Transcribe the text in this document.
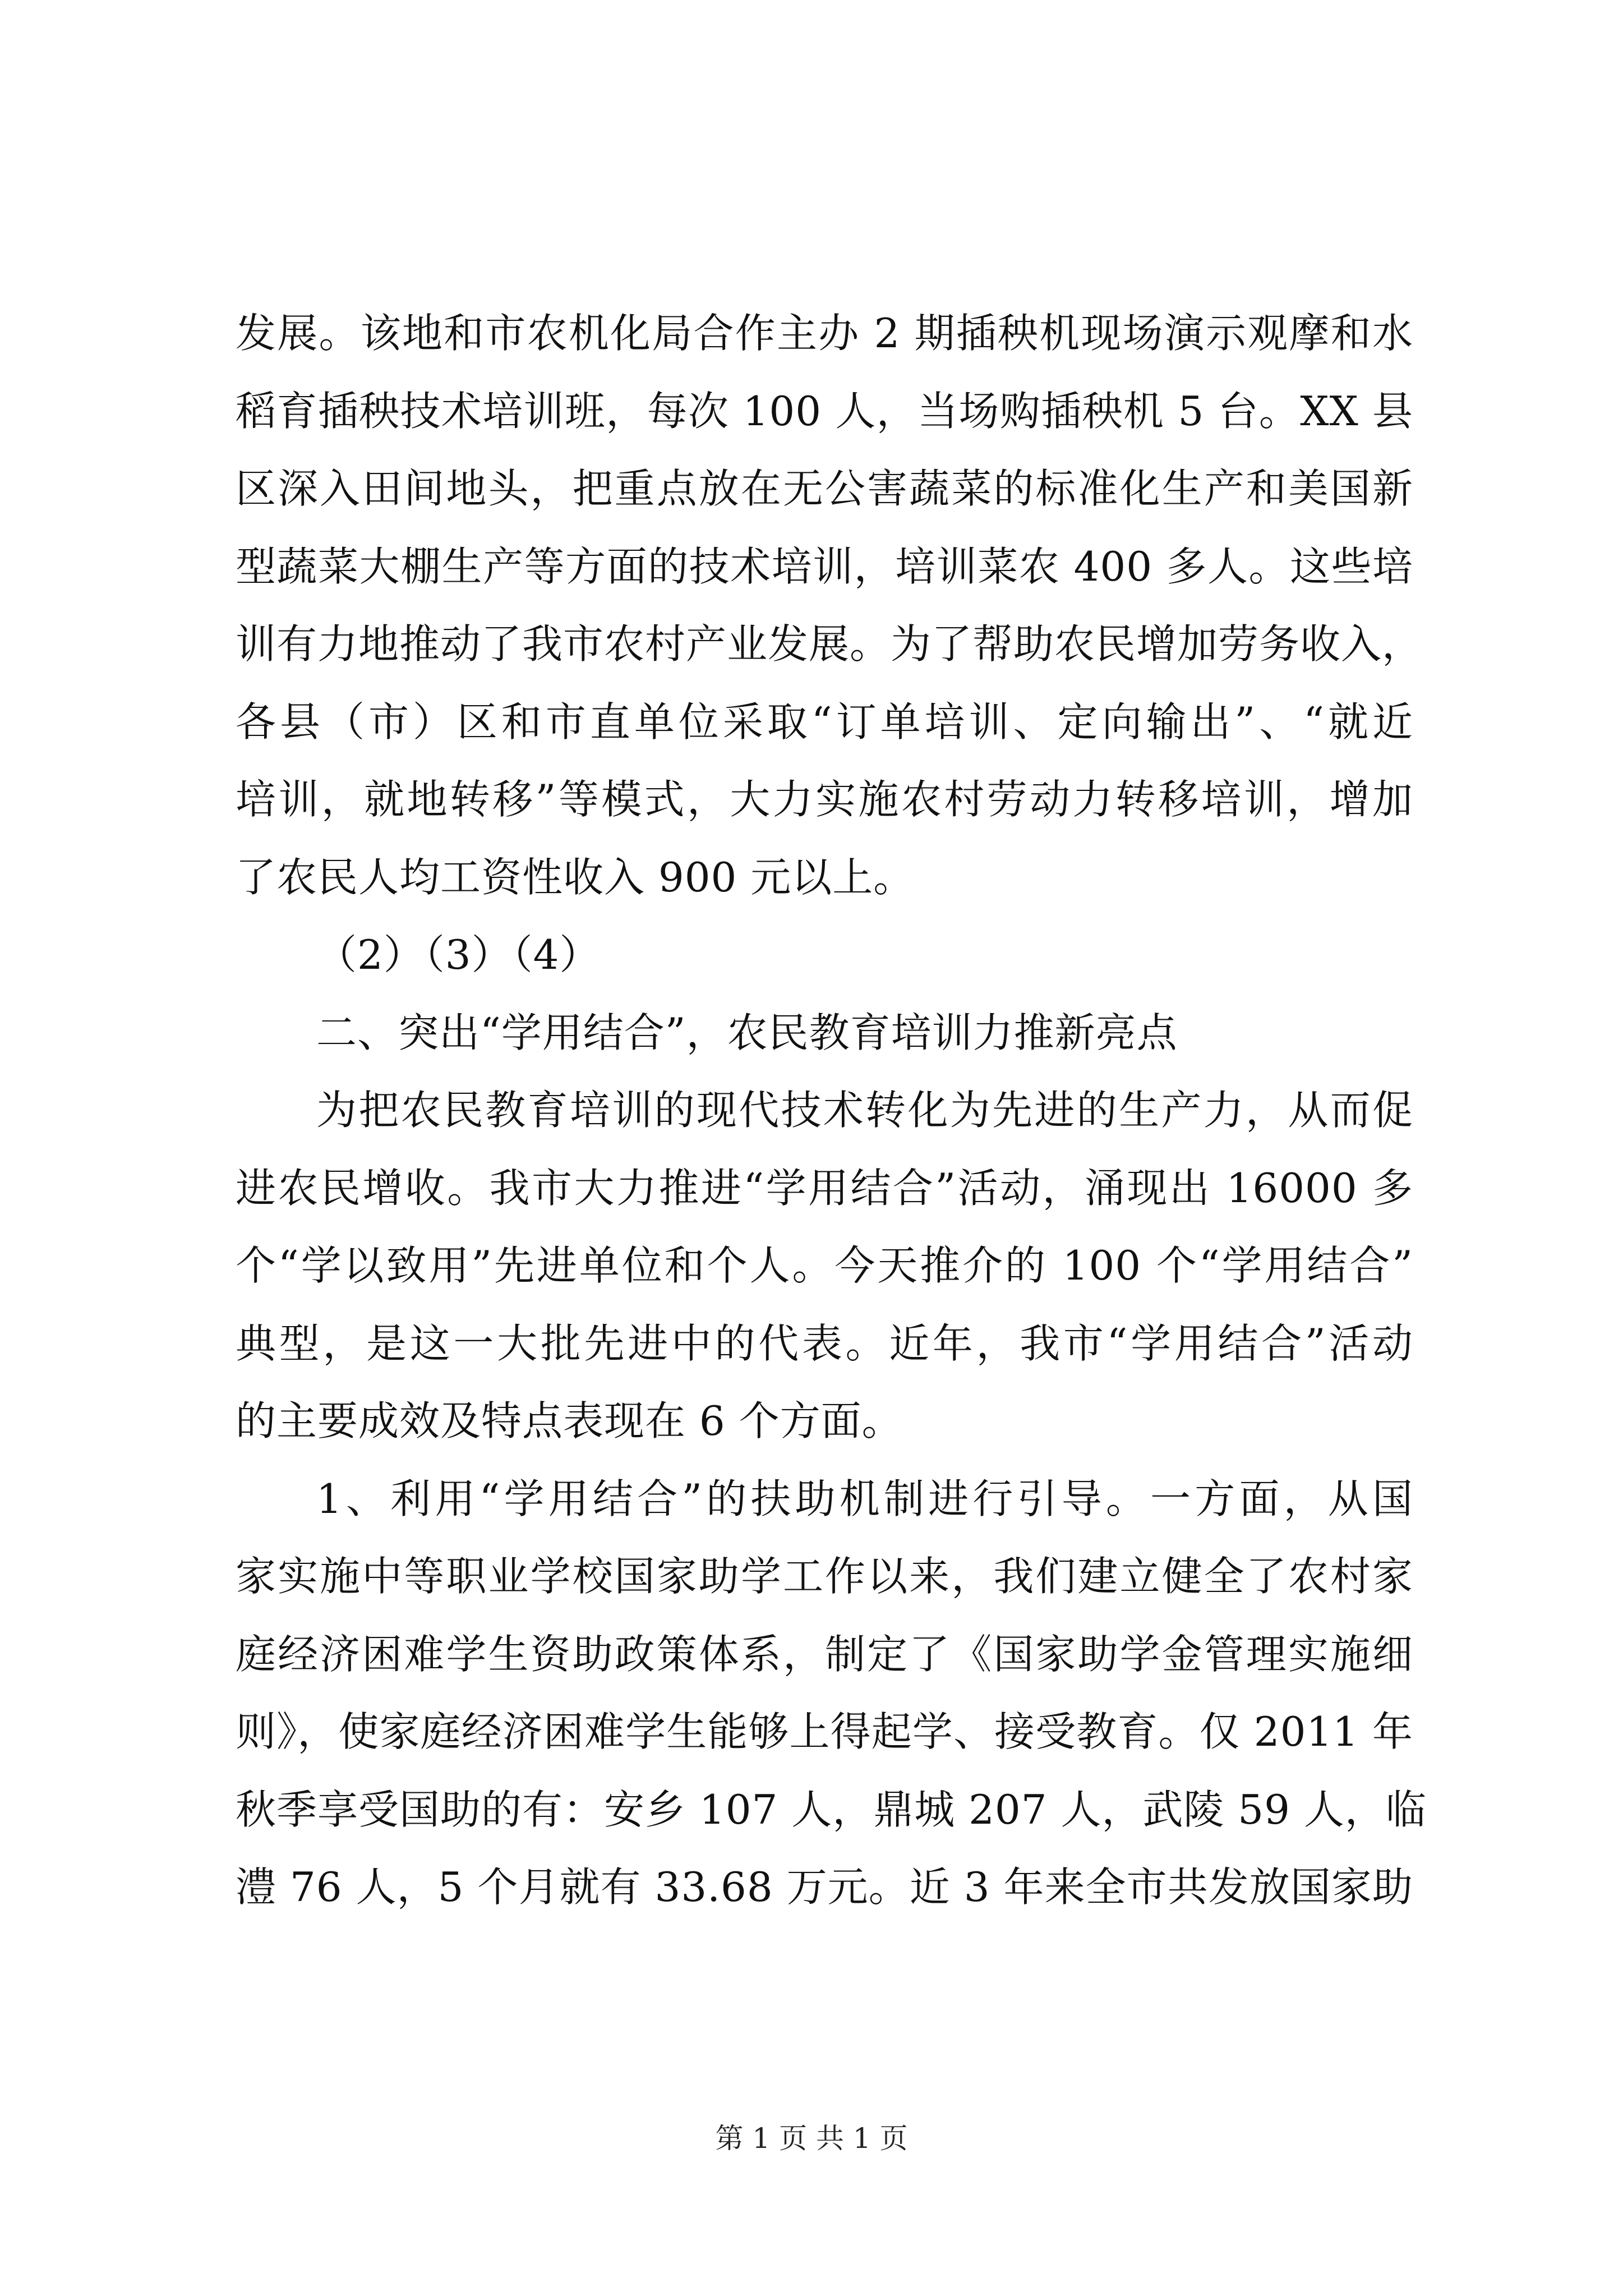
发展。该地和市农机化局合作主办 2 期插秧机现场演示观摩和水
稻育插秧技术培训班，每次 100 人，当场购插秧机 5 台。XX 县
区深入田间地头，把重点放在无公害蔬菜的标准化生产和美国新
型蔬菜大棚生产等方面的技术培训，培训菜农 400 多人。这些培
训有力地推动了我市农村产业发展。为了帮助农民增加劳务收入，
各县（市）区和市直单位采取“订单培训、定向输出”、“就近
培训，就地转移”等模式，大力实施农村劳动力转移培训，增加
了农民人均工资性收入 900 元以上。
（2）（3）（4）
二、突出“学用结合”，农民教育培训力推新亮点
为把农民教育培训的现代技术转化为先进的生产力，从而促
进农民增收。我市大力推进“学用结合”活动，涌现出 16000 多
个“学以致用”先进单位和个人。今天推介的 100 个“学用结合”
典型，是这一大批先进中的代表。近年，我市“学用结合”活动
的主要成效及特点表现在 6 个方面。
1、利用“学用结合”的扶助机制进行引导。一方面，从国
家实施中等职业学校国家助学工作以来，我们建立健全了农村家
庭经济困难学生资助政策体系，制定了《国家助学金管理实施细
则》，使家庭经济困难学生能够上得起学、接受教育。仅 2011 年
秋季享受国助的有：安乡 107 人，鼎城 207 人，武陵 59 人，临
澧 76 人，5 个月就有 33.68 万元。近 3 年来全市共发放国家助
第 1 页 共 1 页
